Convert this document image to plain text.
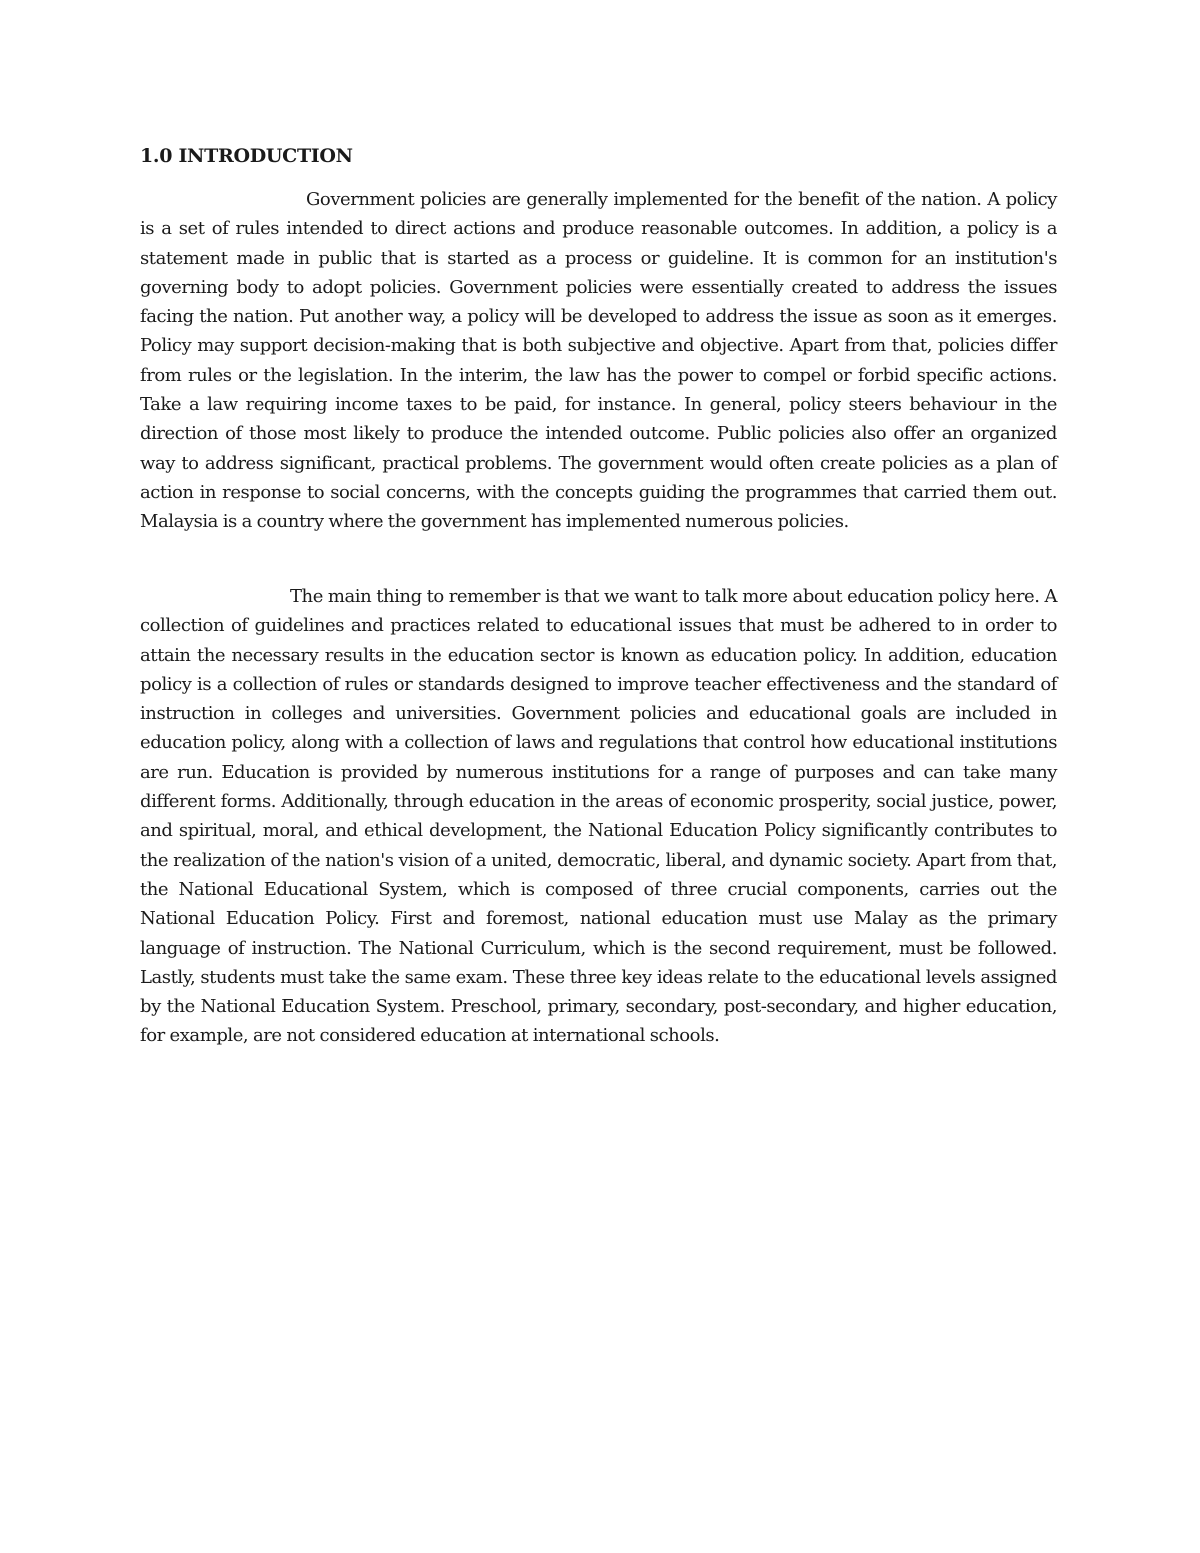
1.0 INTRODUCTION

Government policies are generally implemented for the benefit of the nation. A policy is a set of rules intended to direct actions and produce reasonable outcomes. In addition, a policy is a statement made in public that is started as a process or guideline. It is common for an institution's governing body to adopt policies. Government policies were essentially created to address the issues facing the nation. Put another way, a policy will be developed to address the issue as soon as it emerges. Policy may support decision-making that is both subjective and objective. Apart from that, policies differ from rules or the legislation. In the interim, the law has the power to compel or forbid specific actions. Take a law requiring income taxes to be paid, for instance. In general, policy steers behaviour in the direction of those most likely to produce the intended outcome. Public policies also offer an organized way to address significant, practical problems. The government would often create policies as a plan of action in response to social concerns, with the concepts guiding the programmes that carried them out. Malaysia is a country where the government has implemented numerous policies.

The main thing to remember is that we want to talk more about education policy here. A collection of guidelines and practices related to educational issues that must be adhered to in order to attain the necessary results in the education sector is known as education policy. In addition, education policy is a collection of rules or standards designed to improve teacher effectiveness and the standard of instruction in colleges and universities. Government policies and educational goals are included in education policy, along with a collection of laws and regulations that control how educational institutions are run. Education is provided by numerous institutions for a range of purposes and can take many different forms. Additionally, through education in the areas of economic prosperity, social justice, power, and spiritual, moral, and ethical development, the National Education Policy significantly contributes to the realization of the nation's vision of a united, democratic, liberal, and dynamic society. Apart from that, the National Educational System, which is composed of three crucial components, carries out the National Education Policy. First and foremost, national education must use Malay as the primary language of instruction. The National Curriculum, which is the second requirement, must be followed. Lastly, students must take the same exam. These three key ideas relate to the educational levels assigned by the National Education System. Preschool, primary, secondary, post-secondary, and higher education, for example, are not considered education at international schools.
